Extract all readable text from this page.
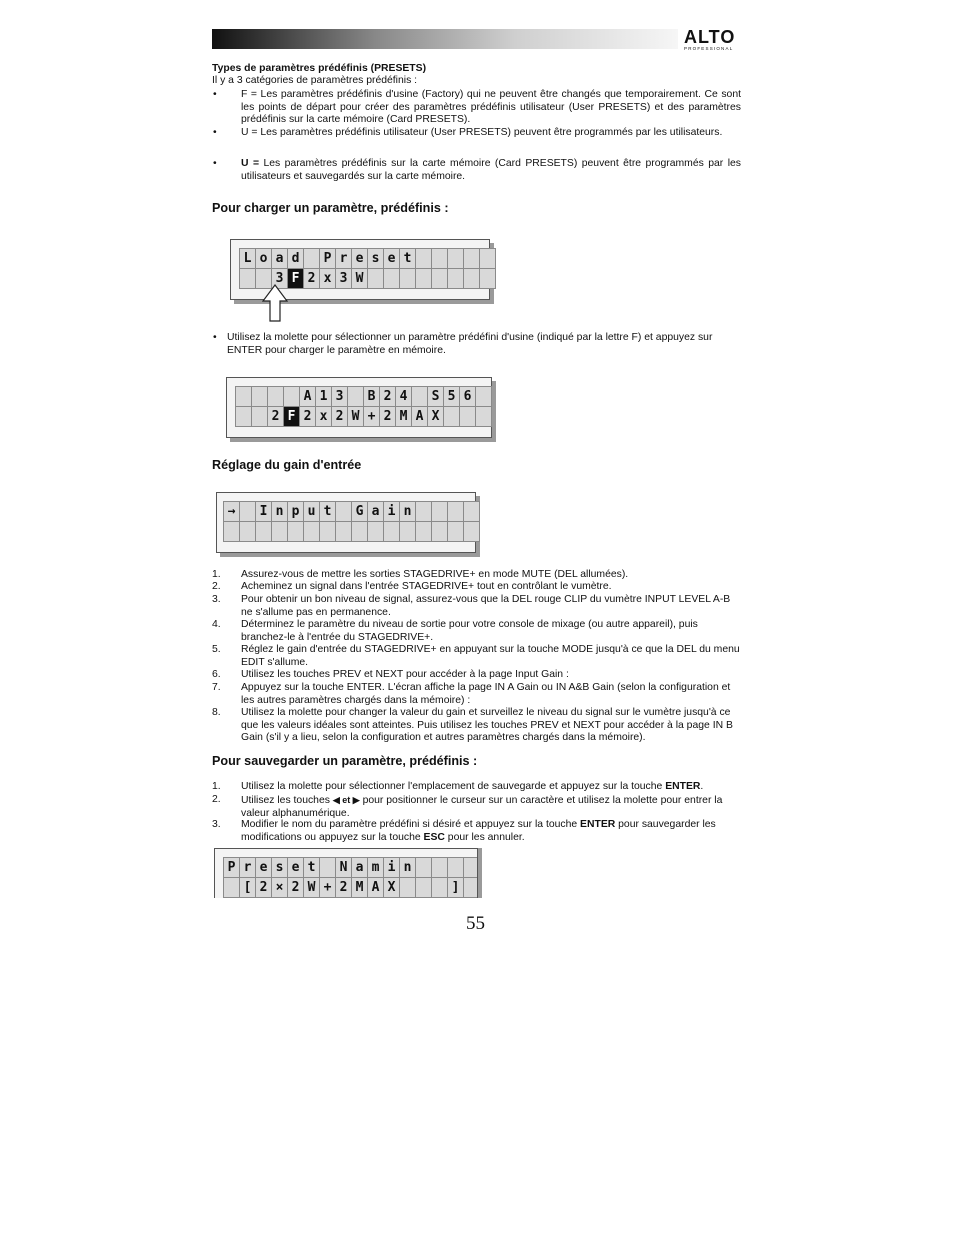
ALTO
PROFESSIONAL

Types de paramètres prédéfinis (PRESETS)

Il y a 3 catégories de paramètres prédéfinis :

• F = Les paramètres prédéfinis d'usine (Factory) qui ne peuvent être changés que temporairement. Ce sont les points de départ pour créer des paramètres prédéfinis utilisateur (User PRESETS) et des paramètres prédéfinis sur la carte mémoire (Card PRESETS).

• U = Les paramètres prédéfinis utilisateur (User PRESETS) peuvent être programmés par les utilisateurs.

• U = Les paramètres prédéfinis sur la carte mémoire (Card PRESETS) peuvent être programmés par les utilisateurs et sauvegardés sur la carte mémoire.

Pour charger un paramètre, prédéfinis :

L o a d P r e s e t
3 F 2 x 3 W
• Utilisez la molette pour sélectionner un paramètre prédéfini d'usine (indiqué par la lettre F) et appuyez sur ENTER pour charger le paramètre en mémoire.

A 1 3 B 2 4 S 5 6
2 F 2 x 2 W + 2 M A X

Réglage du gain d'entrée

→ I n p u t G a i n
1. Assurez-vous de mettre les sorties STAGEDRIVE+ en mode MUTE (DEL allumées).

2. Acheminez un signal dans l'entrée STAGEDRIVE+ tout en contrôlant le vumètre.

3. Pour obtenir un bon niveau de signal, assurez-vous que la DEL rouge CLIP du vumètre INPUT LEVEL A-B ne s'allume pas en permanence.

4. Déterminez le paramètre du niveau de sortie pour votre console de mixage (ou autre appareil), puis branchez-le à l'entrée du STAGEDRIVE+.

5. Réglez le gain d'entrée du STAGEDRIVE+ en appuyant sur la touche MODE jusqu'à ce que la DEL du menu EDIT s'allume.

6. Utilisez les touches PREV et NEXT pour accéder à la page Input Gain :

7. Appuyez sur la touche ENTER. L'écran affiche la page IN A Gain ou IN A&B Gain (selon la configuration et les autres paramètres chargés dans la mémoire) :

8. Utilisez la molette pour changer la valeur du gain et surveillez le niveau du signal sur le vumètre jusqu'à ce que les valeurs idéales sont atteintes. Puis utilisez les touches PREV et NEXT pour accéder à la page IN B Gain (s'il y a lieu, selon la configuration et autres paramètres chargés dans la mémoire).

Pour sauvegarder un paramètre, prédéfinis :

1. Utilisez la molette pour sélectionner l'emplacement de sauvegarde et appuyez sur la touche ENTER.

2. Utilisez les touches ◀ et ▶ pour positionner le curseur sur un caractère et utilisez la molette pour entrer la valeur alphanumérique.

3. Modifier le nom du paramètre prédéfini si désiré et appuyez sur la touche ENTER pour sauvegarder les modifications ou appuyez sur la touche ESC pour les annuler.

P r e s e t N a m i n
[ 2 × 2 W + 2 M A X	]
55
